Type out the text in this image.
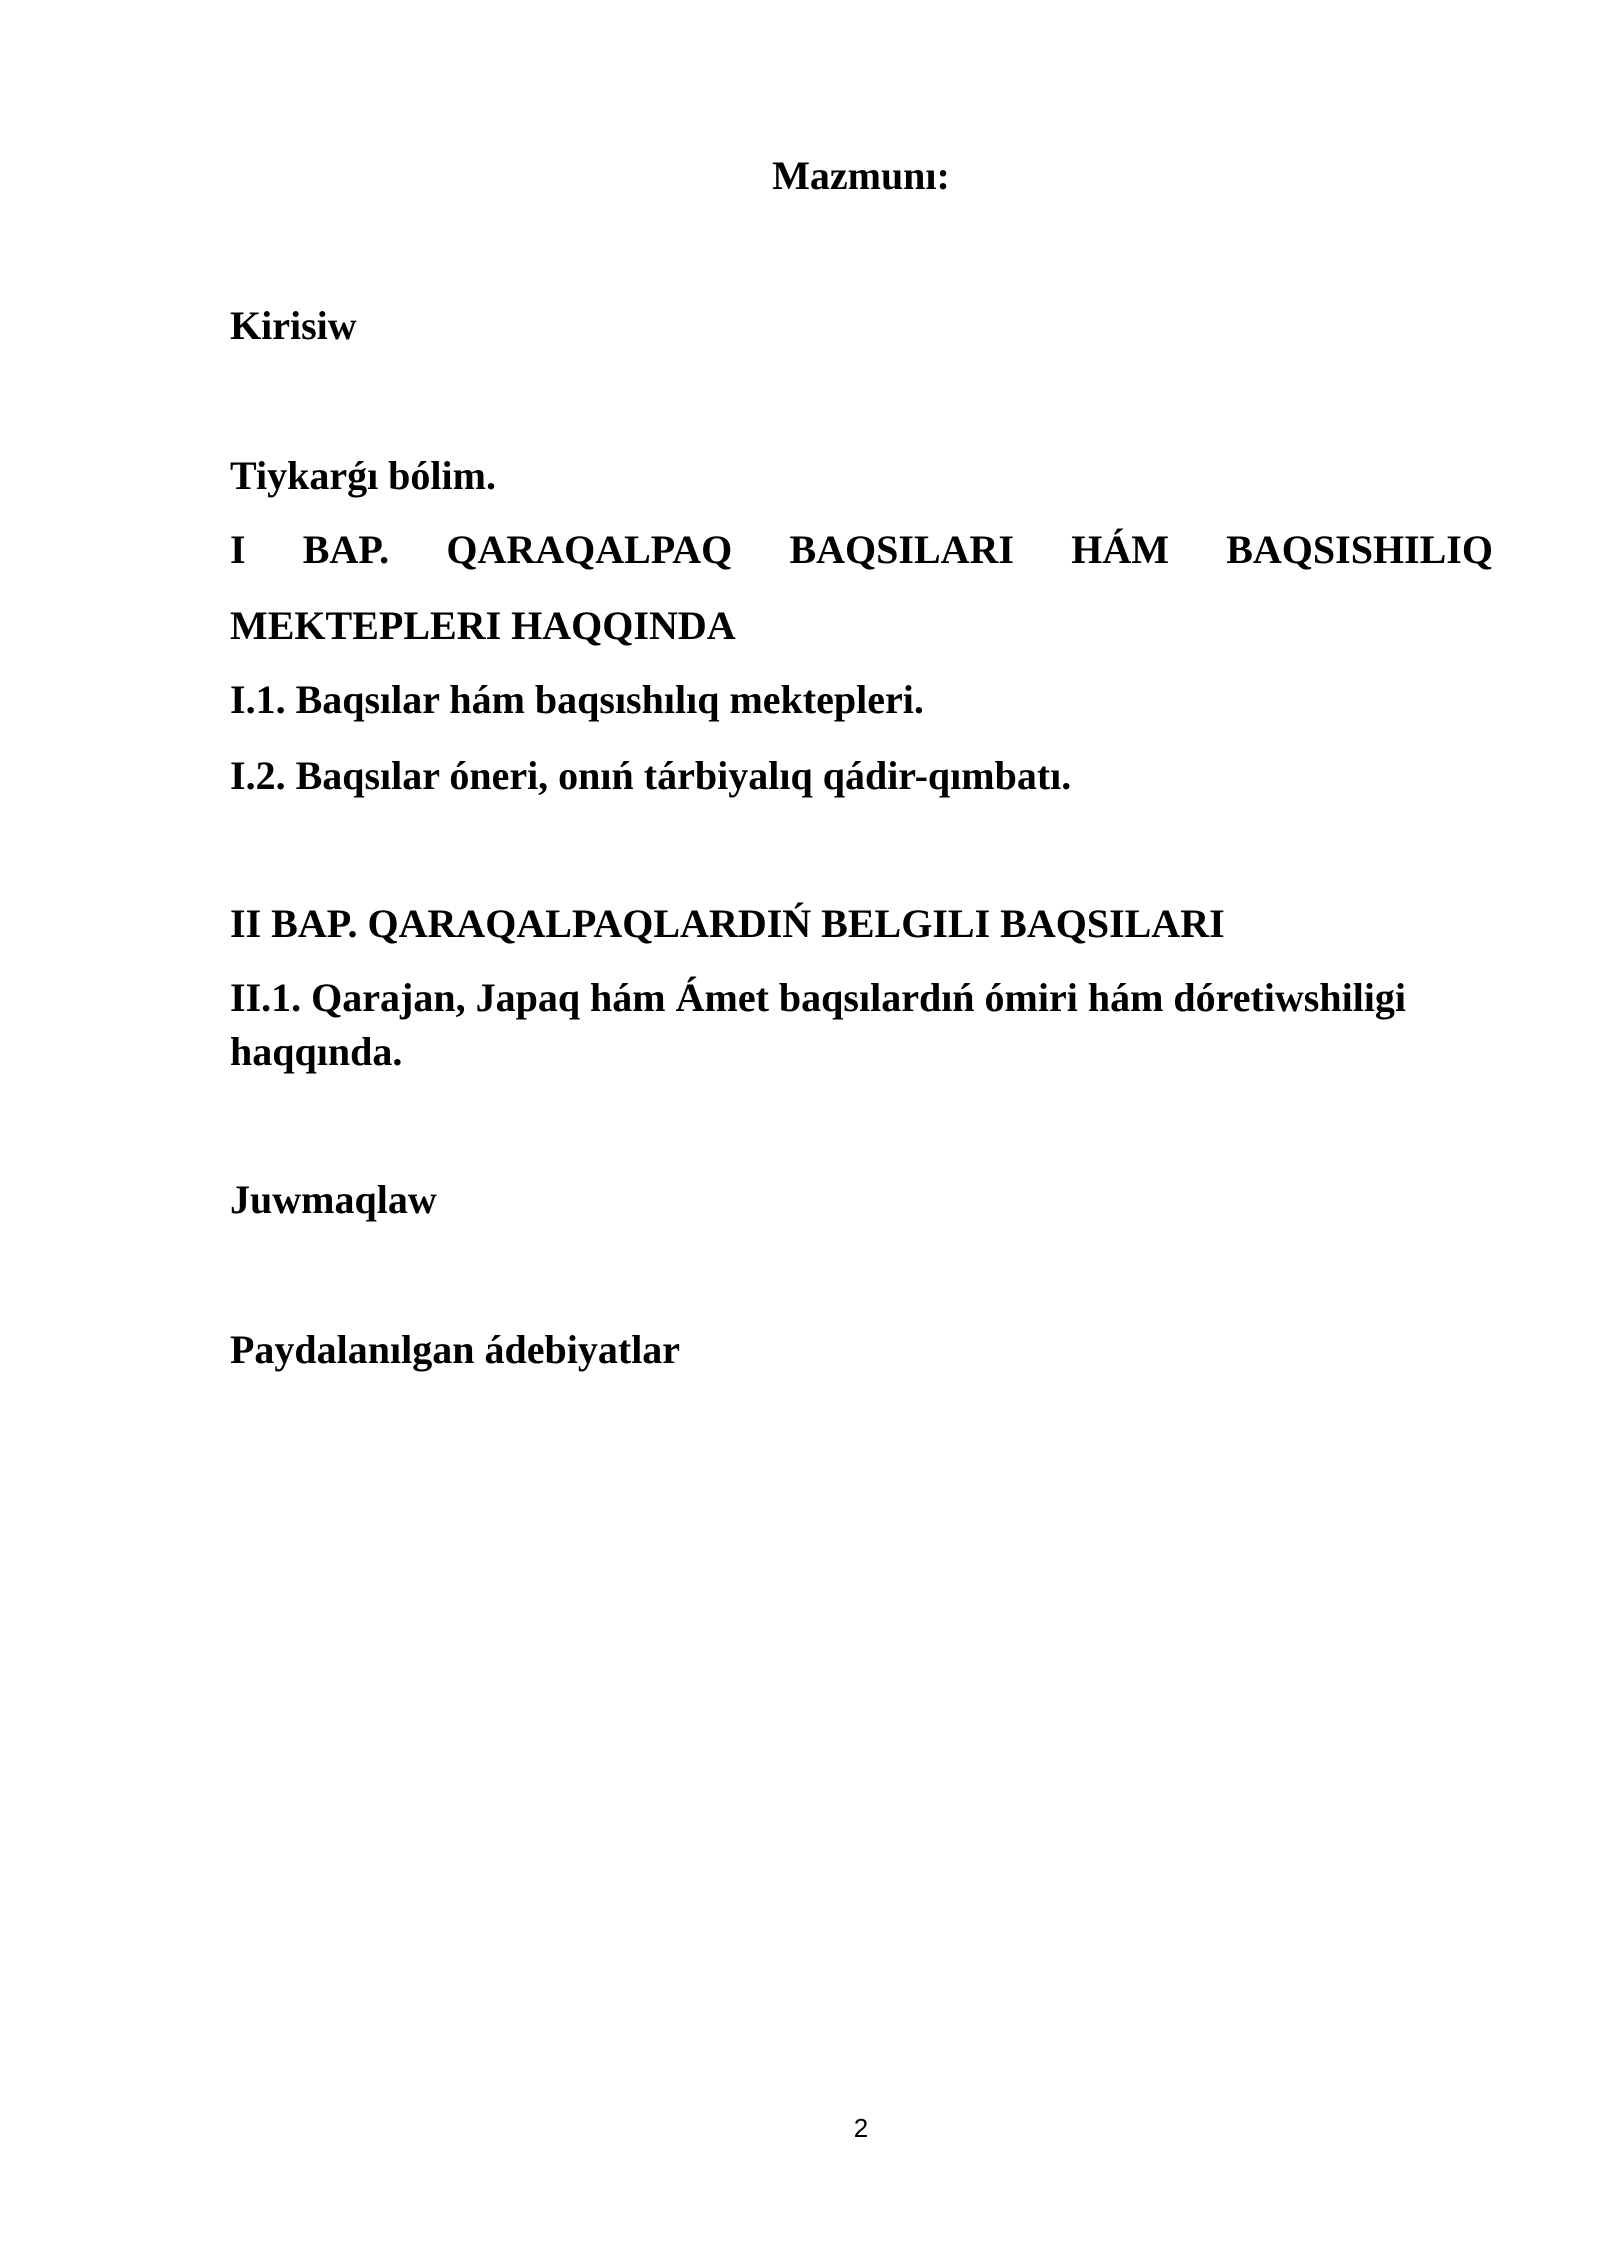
Mazmunı:

Kirisiw

Tiykarǵı bólim.

I BAP. QARAQALPAQ BAQSILARI HÁM BAQSISHILIQ

MEKTEPLERI HAQQINDA

I.1. Baqsılar hám baqsıshılıq mektepleri.

I.2. Baqsılar óneri, onıń tárbiyalıq qádir-qımbatı.

II BAP. QARAQALPAQLARDIŃ BELGILI BAQSILARI

II.1. Qarajan, Japaq hám Ámet baqsılardıń ómiri hám dóretiwshiligi

haqqında.

Juwmaqlaw

Paydalanılgan ádebiyatlar

2
